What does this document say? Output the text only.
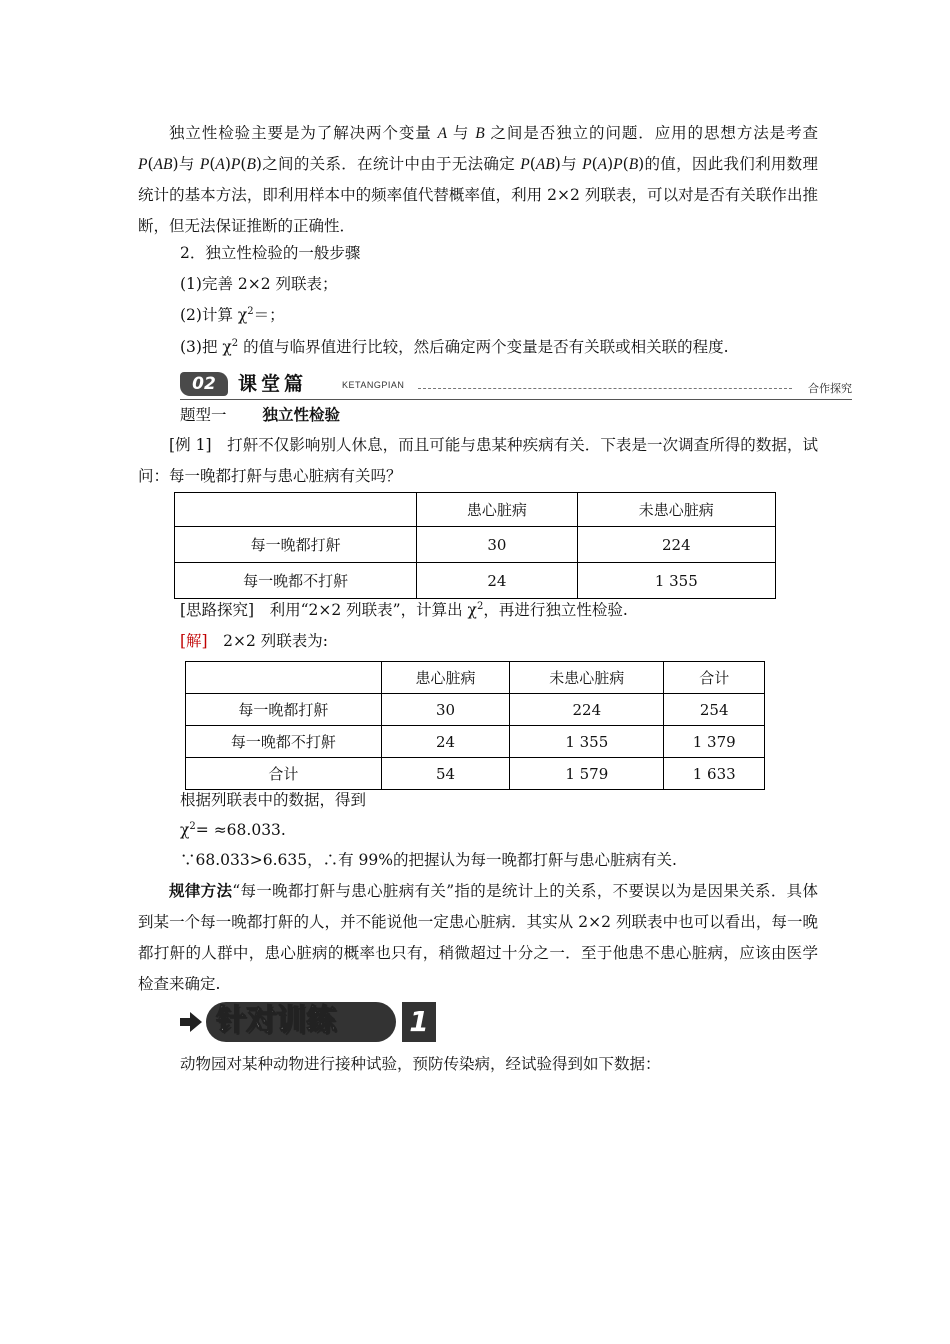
独立性检验主要是为了解决两个变量 A 与 B 之间是否独立的问题．应用的思想方法是考查 P(AB)与 P(A)P(B)之间的关系．在统计中由于无法确定 P(AB)与 P(A)P(B)的值，因此我们利用数理统计的基本方法，即利用样本中的频率值代替概率值，利用 2×2 列联表，可以对是否有关联作出推断，但无法保证推断的正确性．
2．独立性检验的一般步骤
(1)完善 2×2 列联表；
(2)计算 $\chi^2=$；
(3)把 $\chi^2$ 的值与临界值进行比较，然后确定两个变量是否有关联或相关联的程度.
02	课堂篇	KETANGPIAN	合作探究
题型一 独立性检验
[例 1]　 打鼾不仅影响别人休息，而且可能与患某种疾病有关．下表是一次调查所得的数据，试问：每一晚都打鼾与患心脏病有关吗？
	患心脏病	未患心脏病
每一晚都打鼾	30	224
每一晚都不打鼾	24	1 355
[思路探究]　 利用“2×2 列联表”，计算出 $\chi^2$，再进行独立性检验.
[解]　 2×2 列联表为:
	患心脏病	未患心脏病	合计
每一晚都打鼾	30	224	254
每一晚都不打鼾	24	1 355	1 379
合计	54	1 579	1 633
根据列联表中的数据，得到
$\chi^2= \approx 68.033$.
∵68.033>6.635，∴有 99%的把握认为每一晚都打鼾与患心脏病有关.
规律方法“每一晚都打鼾与患心脏病有关”指的是统计上的关系，不要误以为是因果关系．具体到某一个每一晚都打鼾的人，并不能说他一定患心脏病．其实从 2×2 列联表中也可以看出，每一晚都打鼾的人群中，患心脏病的概率也只有，稍微超过十分之一．至于他患不患心脏病，应该由医学检查来确定.
针对训练	1
动物园对某种动物进行接种试验，预防传染病，经试验得到如下数据：
